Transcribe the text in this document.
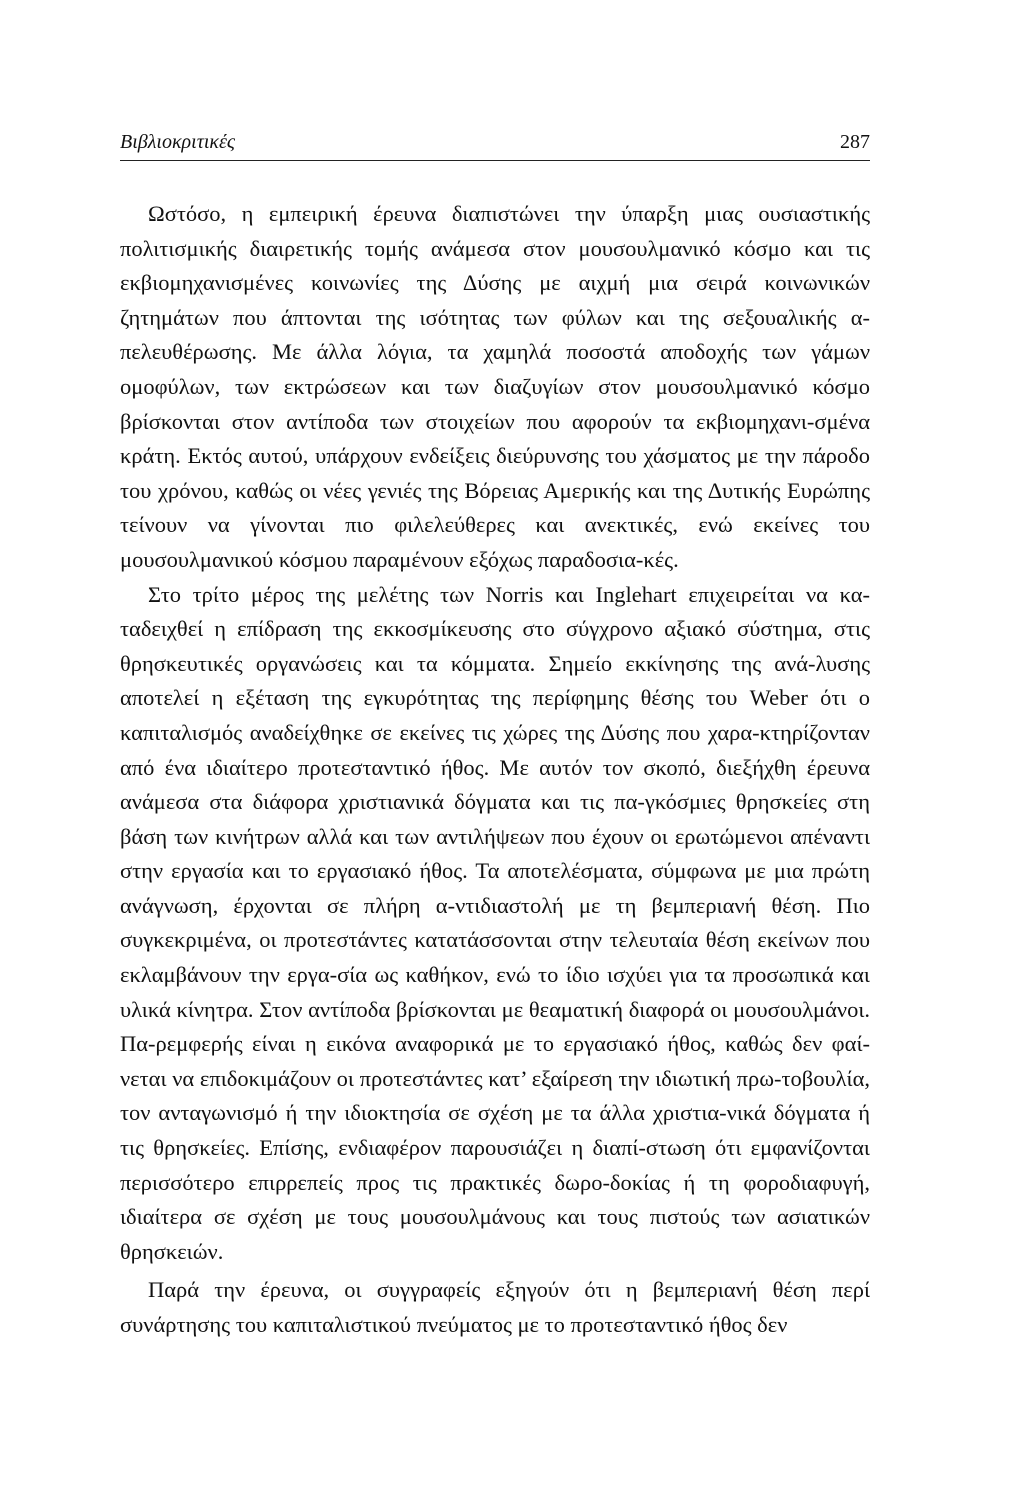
Βιβλιοκριτικές	287

Ωστόσο, η εμπειρική έρευνα διαπιστώνει την ύπαρξη μιας ουσιαστικής πολιτισμικής διαιρετικής τομής ανάμεσα στον μουσουλμανικό κόσμο και τις εκβιομηχανισμένες κοινωνίες της Δύσης με αιχμή μια σειρά κοινωνικών ζητημάτων που άπτονται της ισότητας των φύλων και της σεξουαλικής α-πελευθέρωσης. Με άλλα λόγια, τα χαμηλά ποσοστά αποδοχής των γάμων ομοφύλων, των εκτρώσεων και των διαζυγίων στον μουσουλμανικό κόσμο βρίσκονται στον αντίποδα των στοιχείων που αφορούν τα εκβιομηχανι-σμένα κράτη. Εκτός αυτού, υπάρχουν ενδείξεις διεύρυνσης του χάσματος με την πάροδο του χρόνου, καθώς οι νέες γενιές της Βόρειας Αμερικής και της Δυτικής Ευρώπης τείνουν να γίνονται πιο φιλελεύθερες και ανεκτικές, ενώ εκείνες του μουσουλμανικού κόσμου παραμένουν εξόχως παραδοσια-κές.

Στο τρίτο μέρος της μελέτης των Norris και Inglehart επιχειρείται να κα-ταδειχθεί η επίδραση της εκκοσμίκευσης στο σύγχρονο αξιακό σύστημα, στις θρησκευτικές οργανώσεις και τα κόμματα. Σημείο εκκίνησης της ανά-λυσης αποτελεί η εξέταση της εγκυρότητας της περίφημης θέσης του Weber ότι ο καπιταλισμός αναδείχθηκε σε εκείνες τις χώρες της Δύσης που χαρα-κτηρίζονταν από ένα ιδιαίτερο προτεσταντικό ήθος. Με αυτόν τον σκοπό, διεξήχθη έρευνα ανάμεσα στα διάφορα χριστιανικά δόγματα και τις πα-γκόσμιες θρησκείες στη βάση των κινήτρων αλλά και των αντιλήψεων που έχουν οι ερωτώμενοι απέναντι στην εργασία και το εργασιακό ήθος. Τα αποτελέσματα, σύμφωνα με μια πρώτη ανάγνωση, έρχονται σε πλήρη α-ντιδιαστολή με τη βεμπεριανή θέση. Πιο συγκεκριμένα, οι προτεστάντες κατατάσσονται στην τελευταία θέση εκείνων που εκλαμβάνουν την εργα-σία ως καθήκον, ενώ το ίδιο ισχύει για τα προσωπικά και υλικά κίνητρα. Στον αντίποδα βρίσκονται με θεαματική διαφορά οι μουσουλμάνοι. Πα-ρεμφερής είναι η εικόνα αναφορικά με το εργασιακό ήθος, καθώς δεν φαί-νεται να επιδοκιμάζουν οι προτεστάντες κατ’ εξαίρεση την ιδιωτική πρω-τοβουλία, τον ανταγωνισμό ή την ιδιοκτησία σε σχέση με τα άλλα χριστια-νικά δόγματα ή τις θρησκείες. Επίσης, ενδιαφέρον παρουσιάζει η διαπί-στωση ότι εμφανίζονται περισσότερο επιρρεπείς προς τις πρακτικές δωρο-δοκίας ή τη φοροδιαφυγή, ιδιαίτερα σε σχέση με τους μουσουλμάνους και τους πιστούς των ασιατικών θρησκειών.

Παρά την έρευνα, οι συγγραφείς εξηγούν ότι η βεμπεριανή θέση περί συνάρτησης του καπιταλιστικού πνεύματος με το προτεσταντικό ήθος δεν
